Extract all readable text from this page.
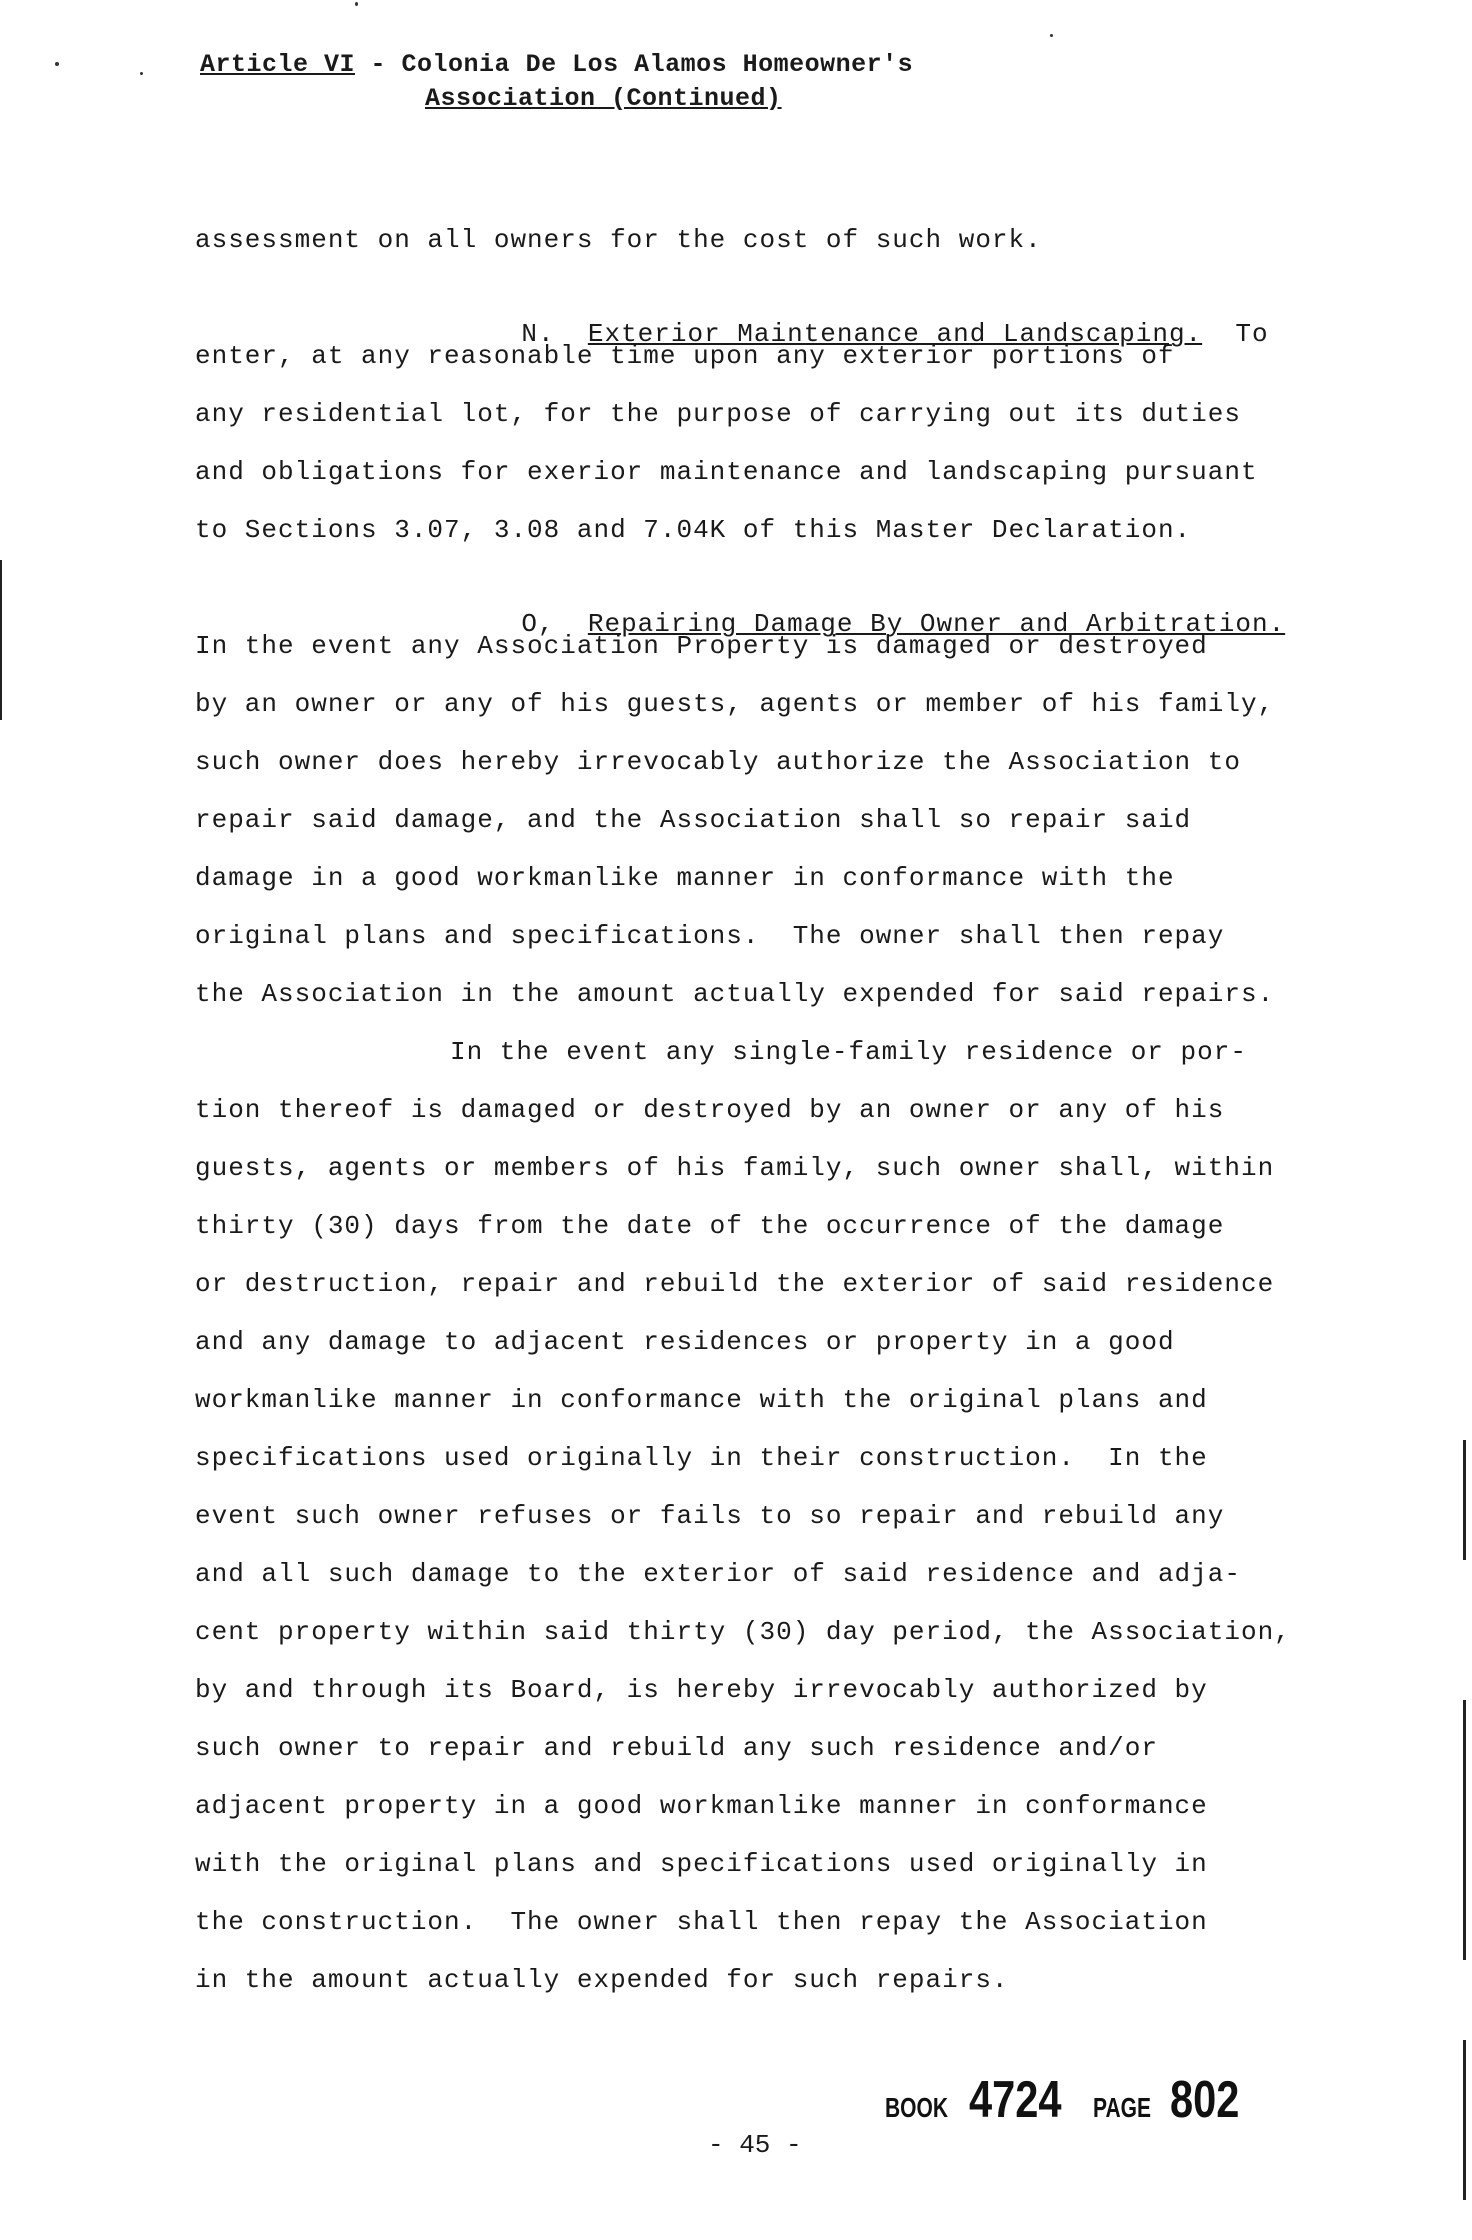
Article VI - Colonia De Los Alamos Homeowner's
Association (Continued)
assessment on all owners for the cost of such work.

N. Exterior Maintenance and Landscaping. To

enter, at any reasonable time upon any exterior portions of
any residential lot, for the purpose of carrying out its duties
and obligations for exerior maintenance and landscaping pursuant
to Sections 3.07, 3.08 and 7.04K of this Master Declaration.

O, Repairing Damage By Owner and Arbitration.

In the event any Association Property is damaged or destroyed
by an owner or any of his guests, agents or member of his family,
such owner does hereby irrevocably authorize the Association to
repair said damage, and the Association shall so repair said
damage in a good workmanlike manner in conformance with the
original plans and specifications.  The owner shall then repay
the Association in the amount actually expended for said repairs.
In the event any single-family residence or por-
tion thereof is damaged or destroyed by an owner or any of his
guests, agents or members of his family, such owner shall, within
thirty (30) days from the date of the occurrence of the damage
or destruction, repair and rebuild the exterior of said residence
and any damage to adjacent residences or property in a good
workmanlike manner in conformance with the original plans and
specifications used originally in their construction.  In the
event such owner refuses or fails to so repair and rebuild any
and all such damage to the exterior of said residence and adja-
cent property within said thirty (30) day period, the Association,
by and through its Board, is hereby irrevocably authorized by
such owner to repair and rebuild any such residence and/or
adjacent property in a good workmanlike manner in conformance
with the original plans and specifications used originally in
the construction.  The owner shall then repay the Association
in the amount actually expended for such repairs.
- 45 -
BOOK 4724 PAGE 802
